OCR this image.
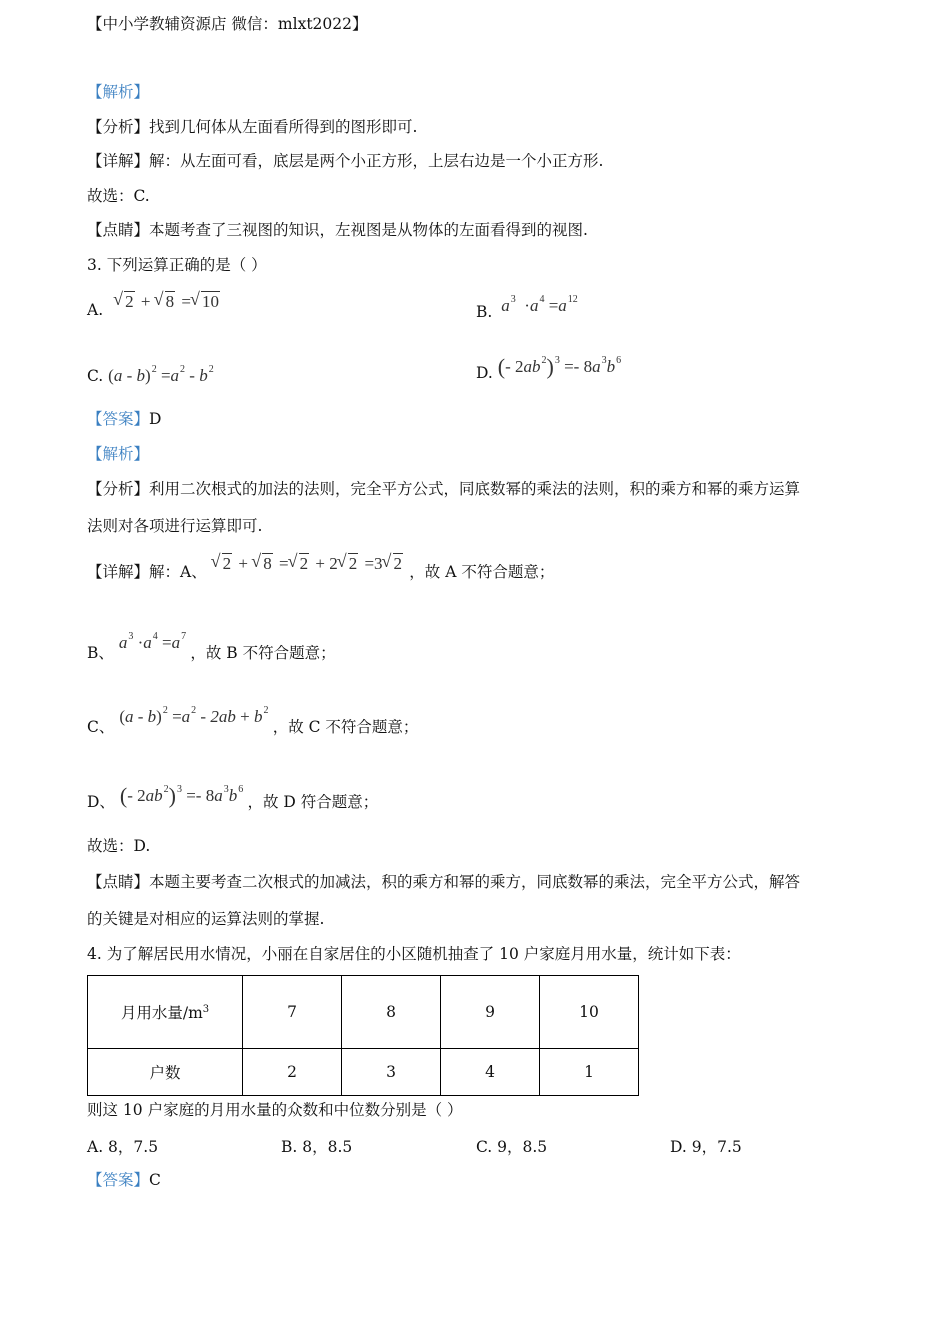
【中小学教辅资源店 微信：mlxt2022】
【解析】
【分析】找到几何体从左面看所得到的图形即可.
【详解】解：从左面可看，底层是两个小正方形，上层右边是一个小正方形.
故选：C.
【点睛】本题考查了三视图的知识，左视图是从物体的左面看得到的视图.
3. 下列运算正确的是（ ）
A. √ 2 + √ 8 = √ 10
B. $a^3 \cdot a^4 =a^{12}$
C. $(a - b)^2 =a^2 - b^2$	D. (- $2ab^2)^3 =- 8a^3b^6$
【答案】D
【解析】
【分析】利用二次根式的加法的法则，完全平方公式，同底数幂的乘法的法则，积的乘方和幂的乘方运算
法则对各项进行运算即可.
【详解】解：A、 √ 2 + √ 8 = √ 2 + 2 √ 2 =3 √ 2 ，故 A 不符合题意；
B、 $a^3 \cdot a^4 =a^7$ ，故 B 不符合题意；
C、 $(a - b)^2 =a^2 - 2ab + b^2$ ，故 C 不符合题意；
D、 (- $2ab^2)^3 =- 8a^3b^6$ ，故 D 符合题意；
故选：D.
【点睛】本题主要考查二次根式的加减法，积的乘方和幂的乘方，同底数幂的乘法，完全平方公式，解答
的关键是对相应的运算法则的掌握.
4. 为了解居民用水情况，小丽在自家居住的小区随机抽查了 10 户家庭月用水量，统计如下表：
月用水量$/m^3$	7	8	9	10
户数	2	3	4	1
则这 10 户家庭的月用水量的众数和中位数分别是（ ）
A. 8，7.5	B. 8，8.5	C. 9，8.5	D. 9，7.5
【答案】C
